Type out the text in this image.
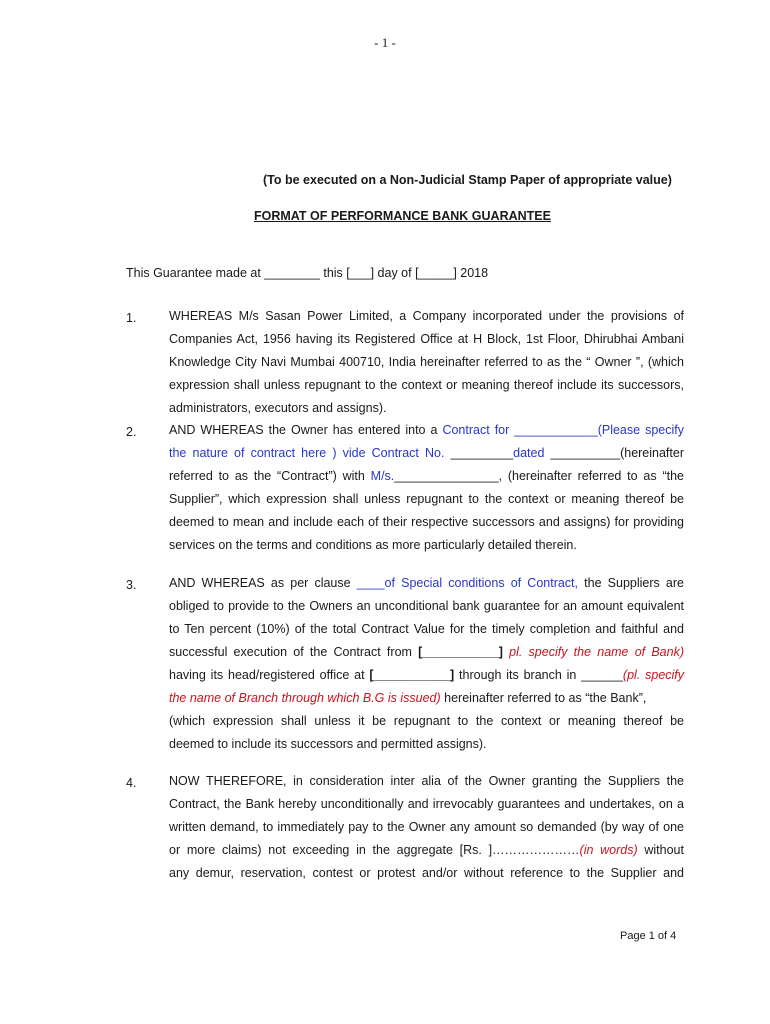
- 1 -
(To be executed on a Non-Judicial Stamp Paper of appropriate value)
FORMAT OF PERFORMANCE BANK GUARANTEE
This Guarantee made at ________ this [___] day of [_____] 2018
1.	WHEREAS M/s Sasan Power Limited, a Company incorporated under the provisions of
Companies Act, 1956 having its Registered Office at H Block, 1st Floor, Dhirubhai Ambani
Knowledge City Navi Mumbai 400710, India hereinafter referred to as the “ Owner ”, (which
expression shall unless repugnant to the context or meaning thereof include its successors,
administrators, executors and assigns).
2.	AND WHEREAS the Owner has entered into a Contract for ____________(Please specify
the nature of contract here ) vide Contract No. _________dated __________(hereinafter
referred to as the “Contract”) with M/s._______________, (hereinafter referred to as “the
Supplier”, which expression shall unless repugnant to the context or meaning thereof be
deemed to mean and include each of their respective successors and assigns) for providing
services on the terms and conditions as more particularly detailed therein.
3.	AND WHEREAS as per clause ____of Special conditions of Contract, the Suppliers are
obliged to provide to the Owners an unconditional bank guarantee for an amount equivalent
to Ten percent (10%) of the total Contract Value for the timely completion and faithful and
successful execution of the Contract from [___________] pl. specify the name of Bank)
having its head/registered office at [___________] through its branch in ______(pl. specify
the name of Branch through which B.G is issued) hereinafter referred to as “the Bank”,
(which expression shall unless it be repugnant to the context or meaning thereof be
deemed to include its successors and permitted assigns).
4.	NOW THEREFORE, in consideration inter alia of the Owner granting the Suppliers the
Contract, the Bank hereby unconditionally and irrevocably guarantees and undertakes, on a
written demand, to immediately pay to the Owner any amount so demanded (by way of one
or more claims) not exceeding in the aggregate [Rs. ]…………………(in words) without
any demur, reservation, contest or protest and/or without reference to the Supplier and
Page 1 of 4
